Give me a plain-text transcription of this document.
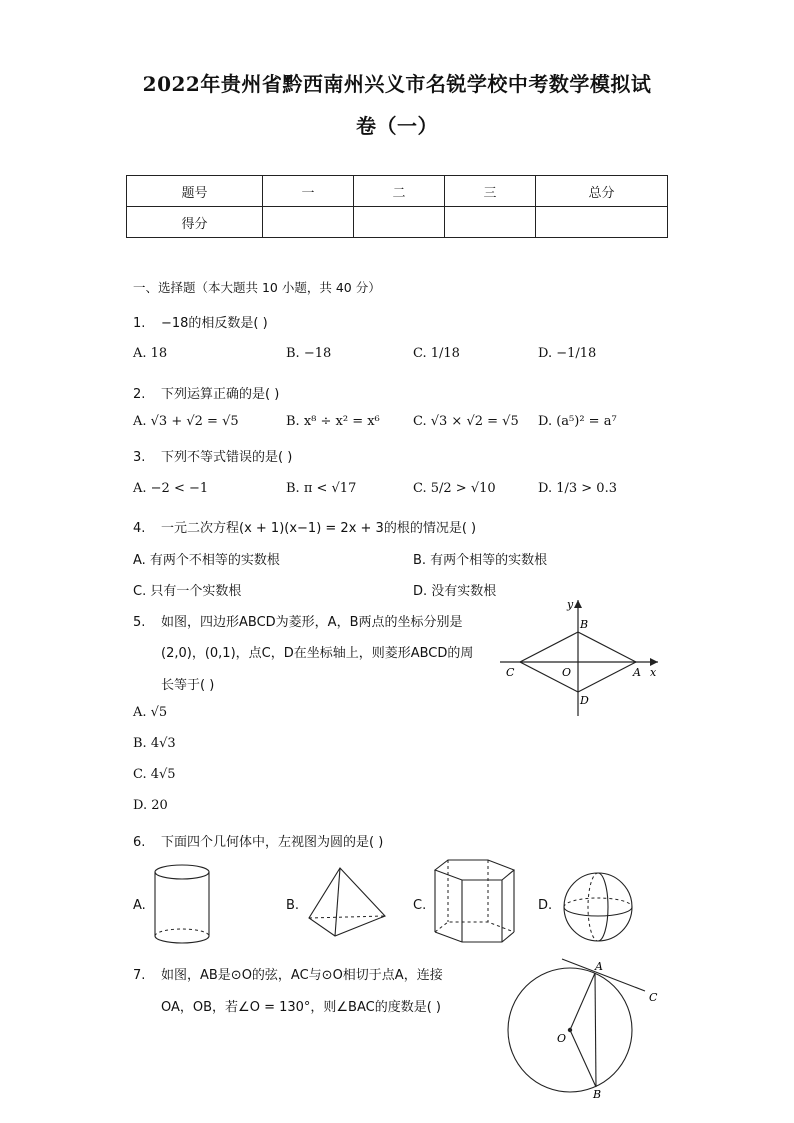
2022年贵州省黔西南州兴义市名锐学校中考数学模拟试
卷（一）
题号	一	二	三	总分
得分				
一、选择题（本大题共 10 小题，共 40 分）
1. −18的相反数是( )
A. 18	B. −18	C. 1/18	D. −1/18
2. 下列运算正确的是( )
A. √3 + √2 = √5	B. x⁸ ÷ x² = x⁶	C. √3 × √2 = √5 D. (a⁵)² = a⁷
3. 下列不等式错误的是( )
A. −2 < −1	B. π < √17	C. 5/2 > √10	D. 1/3 > 0.3
4. 一元二次方程(x + 1)(x−1) = 2x + 3的根的情况是( )
A. 有两个不相等的实数根	B. 有两个相等的实数根
C. 只有一个实数根	D. 没有实数根
5. 如图，四边形ABCD为菱形，A，B两点的坐标分别是
(2,0)，(0,1)，点C，D在坐标轴上，则菱形ABCD的周
长等于( )
A. √5
B. 4√3
C. 4√5
D. 20
y
x
A
B
C
D
O
6. 下面四个几何体中，左视图为圆的是( )
A.	B.	C.	D.
7. 如图，AB是⊙O的弦，AC与⊙O相切于点A，连接
OA，OB，若∠O = 130°，则∠BAC的度数是( )
A
B
C
O
